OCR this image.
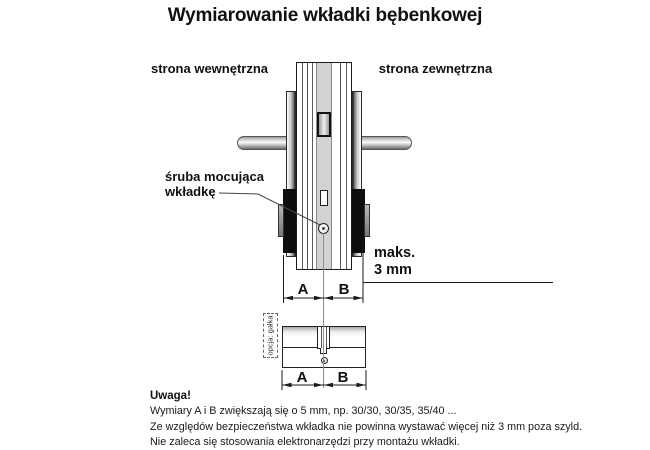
Wymiarowanie wkładki bębenkowej
strona wewnętrzna	strona zewnętrzna
śruba mocująca
wkładkę
maks.
3 mm
A B
opcja: gałka
A B
Uwaga!
Wymiary A i B zwiększają się o 5 mm, np. 30/30, 30/35, 35/40 ...
Ze względów bezpieczeństwa wkładka nie powinna wystawać więcej niż 3 mm poza szyld.
Nie zaleca się stosowania elektronarzędzi przy montażu wkładki.
